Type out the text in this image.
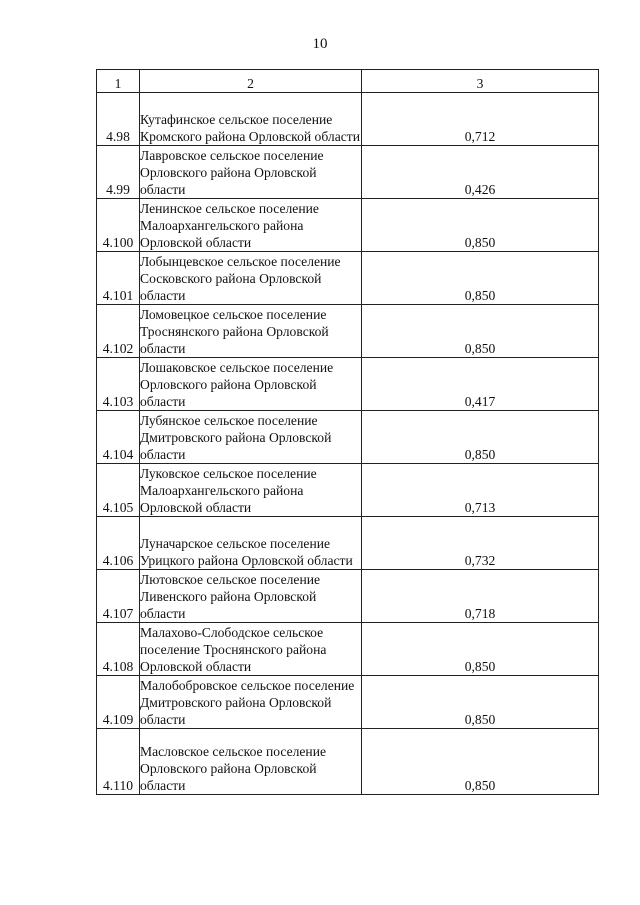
10
1	2	3
4.98	Кутафинское сельское поселение Кромского района Орловской области	0,712
4.99	Лавровское сельское поселение Орловского района Орловской области	0,426
4.100	Ленинское сельское поселение Малоархангельского района Орловской области	0,850
4.101	Лобынцевское сельское поселение Сосковского района Орловской области	0,850
4.102	Ломовецкое сельское поселение Троснянского района Орловской области	0,850
4.103	Лошаковское сельское поселение Орловского района Орловской области	0,417
4.104	Лубянское сельское поселение Дмитровского района Орловской области	0,850
4.105	Луковское сельское поселение Малоархангельского района Орловской области	0,713
4.106	Луначарское сельское поселение Урицкого района Орловской области	0,732
4.107	Лютовское сельское поселение Ливенского района Орловской области	0,718
4.108	Малахово-Слободское сельское поселение Троснянского района Орловской области	0,850
4.109	Малобобровское сельское поселение Дмитровского района Орловской области	0,850
4.110	Масловское сельское поселение Орловского района Орловской области	0,850
